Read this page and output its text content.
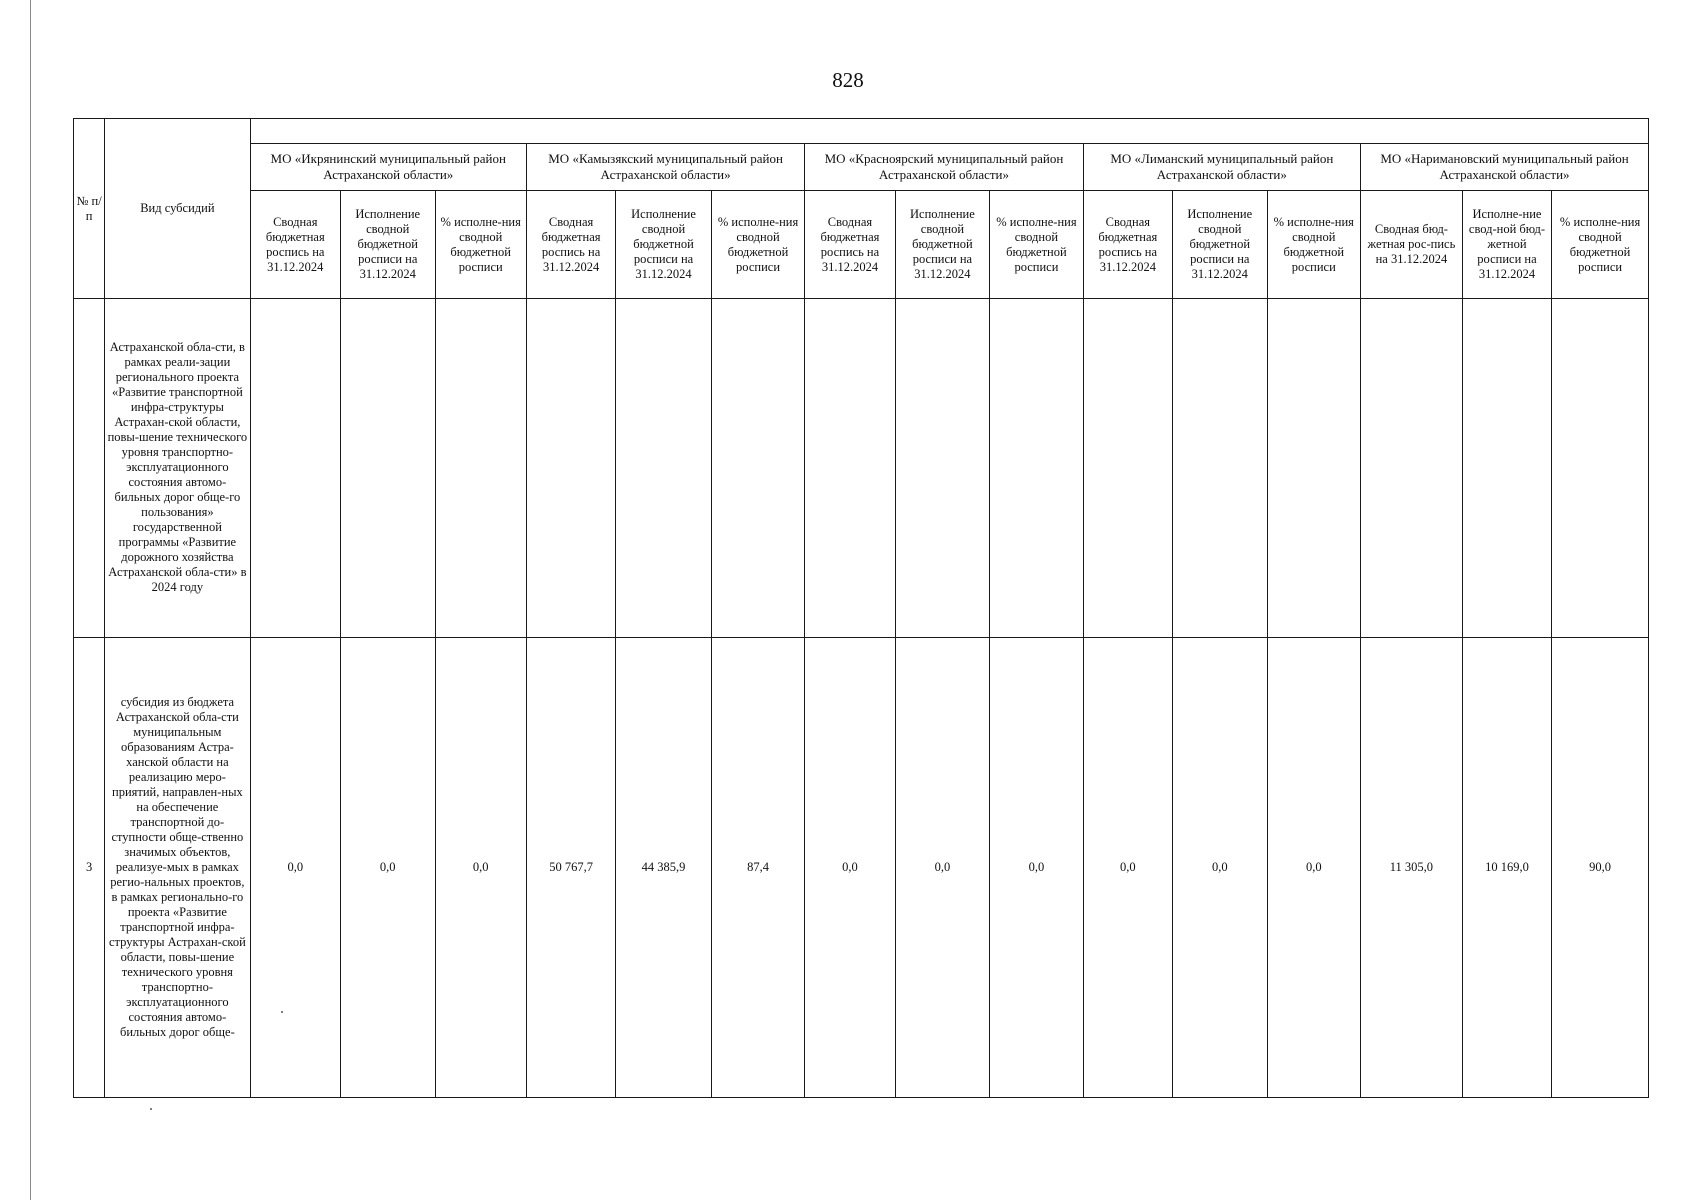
828
№ п/п	Вид субсидий															
		МО «Икрянинский муниципальный район Астраханской области»			МО «Камызякский муниципальный район Астраханской области»			МО «Красноярский муниципальный район Астраханской области»			МО «Лиманский муниципальный район Астраханской области»			МО «Наримановский муниципальный район Астраханской области»		
		Сводная бюджетная роспись на 31.12.2024	Исполнение сводной бюджетной росписи на 31.12.2024	% исполне-ния сводной бюджетной росписи	Сводная бюджетная роспись на 31.12.2024	Исполнение сводной бюджетной росписи на 31.12.2024	% исполне-ния сводной бюджетной росписи	Сводная бюджетная роспись на 31.12.2024	Исполнение сводной бюджетной росписи на 31.12.2024	% исполне-ния сводной бюджетной росписи	Сводная бюджетная роспись на 31.12.2024	Исполнение сводной бюджетной росписи на 31.12.2024	% исполне-ния сводной бюджетной росписи	Сводная бюд-жетная рос-пись на 31.12.2024	Исполне-ние свод-ной бюд-жетной росписи на 31.12.2024	% исполне-ния сводной бюджетной росписи
	Астраханской обла-сти, в рамках реали-зации регионального проекта «Развитие транспортной инфра-структуры Астрахан-ской области, повы-шение технического уровня транспортно-эксплуатационного состояния автомо-бильных дорог обще-го пользования» государственной программы «Развитие дорожного хозяйства Астраханской обла-сти» в 2024 году															
3	субсидия из бюджета Астраханской обла-сти муниципальным образованиям Астра-ханской области на реализацию меро-приятий, направлен-ных на обеспечение транспортной до-ступности обще-ственно значимых объектов, реализуе-мых в рамках регио-нальных проектов, в рамках регионально-го проекта «Развитие транспортной инфра-структуры Астрахан-ской области, повы-шение технического уровня транспортно-эксплуатационного состояния автомо-бильных дорог обще-	0,0	0,0	0,0	50 767,7	44 385,9	87,4	0,0	0,0	0,0	0,0	0,0	0,0	11 305,0	10 169,0	90,0
